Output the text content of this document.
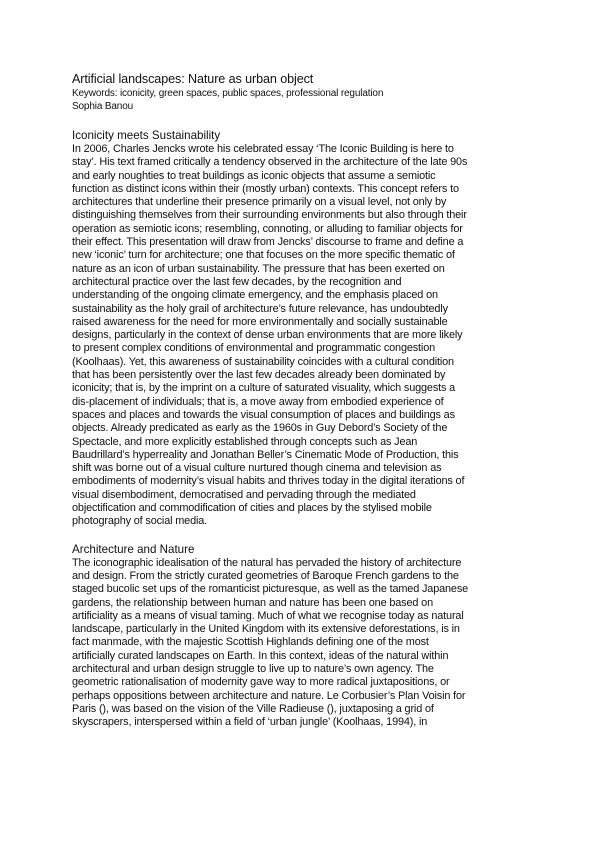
Artificial landscapes: Nature as urban object

Keywords: iconicity, green spaces, public spaces, professional regulation

Sophia Banou

Iconicity meets Sustainability
In 2006, Charles Jencks wrote his celebrated essay ‘The Iconic Building is here to
stay’. His text framed critically a tendency observed in the architecture of the late 90s
and early noughties to treat buildings as iconic objects that assume a semiotic
function as distinct icons within their (mostly urban) contexts. This concept refers to
architectures that underline their presence primarily on a visual level, not only by
distinguishing themselves from their surrounding environments but also through their
operation as semiotic icons; resembling, connoting, or alluding to familiar objects for
their effect. This presentation will draw from Jencks’ discourse to frame and define a
new ‘iconic’ turn for architecture; one that focuses on the more specific thematic of
nature as an icon of urban sustainability. The pressure that has been exerted on
architectural practice over the last few decades, by the recognition and
understanding of the ongoing climate emergency, and the emphasis placed on
sustainability as the holy grail of architecture’s future relevance, has undoubtedly
raised awareness for the need for more environmentally and socially sustainable
designs, particularly in the context of dense urban environments that are more likely
to present complex conditions of environmental and programmatic congestion
(Koolhaas). Yet, this awareness of sustainability coincides with a cultural condition
that has been persistently over the last few decades already been dominated by
iconicity; that is, by the imprint on a culture of saturated visuality, which suggests a
dis-placement of individuals; that is, a move away from embodied experience of
spaces and places and towards the visual consumption of places and buildings as
objects. Already predicated as early as the 1960s in Guy Debord’s Society of the
Spectacle, and more explicitly established through concepts such as Jean
Baudrillard’s hyperreality and Jonathan Beller’s Cinematic Mode of Production, this
shift was borne out of a visual culture nurtured though cinema and television as
embodiments of modernity’s visual habits and thrives today in the digital iterations of
visual disembodiment, democratised and pervading through the mediated
objectification and commodification of cities and places by the stylised mobile
photography of social media.
Architecture and Nature
The iconographic idealisation of the natural has pervaded the history of architecture
and design. From the strictly curated geometries of Baroque French gardens to the
staged bucolic set ups of the romanticist picturesque, as well as the tamed Japanese
gardens, the relationship between human and nature has been one based on
artificiality as a means of visual taming. Much of what we recognise today as natural
landscape, particularly in the United Kingdom with its extensive deforestations, is in
fact manmade, with the majestic Scottish Highlands defining one of the most
artificially curated landscapes on Earth. In this context, ideas of the natural within
architectural and urban design struggle to live up to nature’s own agency. The
geometric rationalisation of modernity gave way to more radical juxtapositions, or
perhaps oppositions between architecture and nature. Le Corbusier’s Plan Voisin for
Paris (), was based on the vision of the Ville Radieuse (), juxtaposing a grid of
skyscrapers, interspersed within a field of ‘urban jungle’ (Koolhaas, 1994), in
